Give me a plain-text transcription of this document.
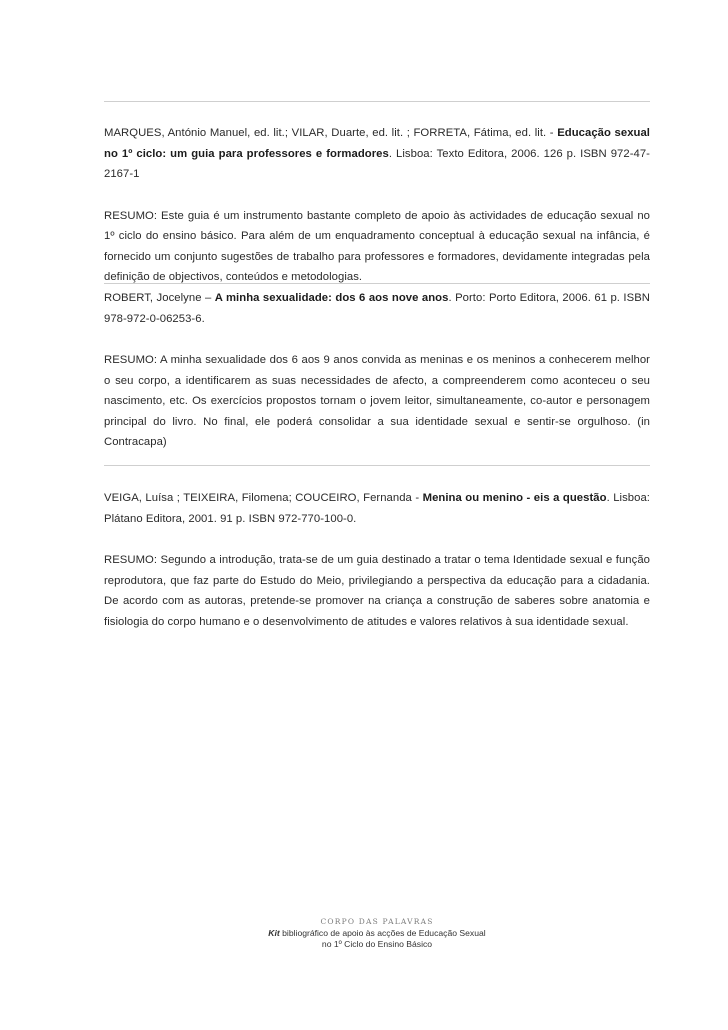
MARQUES, António Manuel, ed. lit.; VILAR, Duarte, ed. lit. ; FORRETA, Fátima, ed. lit. - Educação sexual no 1º ciclo: um guia para professores e formadores. Lisboa: Texto Editora, 2006. 126 p. ISBN 972-47-2167-1

RESUMO: Este guia é um instrumento bastante completo de apoio às actividades de educação sexual no 1º ciclo do ensino básico. Para além de um enquadramento conceptual à educação sexual na infância, é fornecido um conjunto sugestões de trabalho para professores e formadores, devidamente integradas pela definição de objectivos, conteúdos e metodologias.

ROBERT, Jocelyne – A minha sexualidade: dos 6 aos nove anos. Porto: Porto Editora, 2006. 61 p. ISBN 978-972-0-06253-6.

RESUMO: A minha sexualidade dos 6 aos 9 anos convida as meninas e os meninos a conhecerem melhor o seu corpo, a identificarem as suas necessidades de afecto, a compreenderem como aconteceu o seu nascimento, etc. Os exercícios propostos tornam o jovem leitor, simultaneamente, co-autor e personagem principal do livro. No final, ele poderá consolidar a sua identidade sexual e sentir-se orgulhoso. (in Contracapa)

VEIGA, Luísa ; TEIXEIRA, Filomena; COUCEIRO, Fernanda - Menina ou menino - eis a questão. Lisboa: Plátano Editora, 2001. 91 p. ISBN 972-770-100-0.

RESUMO: Segundo a introdução, trata-se de um guia destinado a tratar o tema Identidade sexual e função reprodutora, que faz parte do Estudo do Meio, privilegiando a perspectiva da educação para a cidadania. De acordo com as autoras, pretende-se promover na criança a construção de saberes sobre anatomia e fisiologia do corpo humano e o desenvolvimento de atitudes e valores relativos à sua identidade sexual.

CORPO DAS PALAVRAS
Kit bibliográfico de apoio às acções de Educação Sexual
no 1º Ciclo do Ensino Básico
